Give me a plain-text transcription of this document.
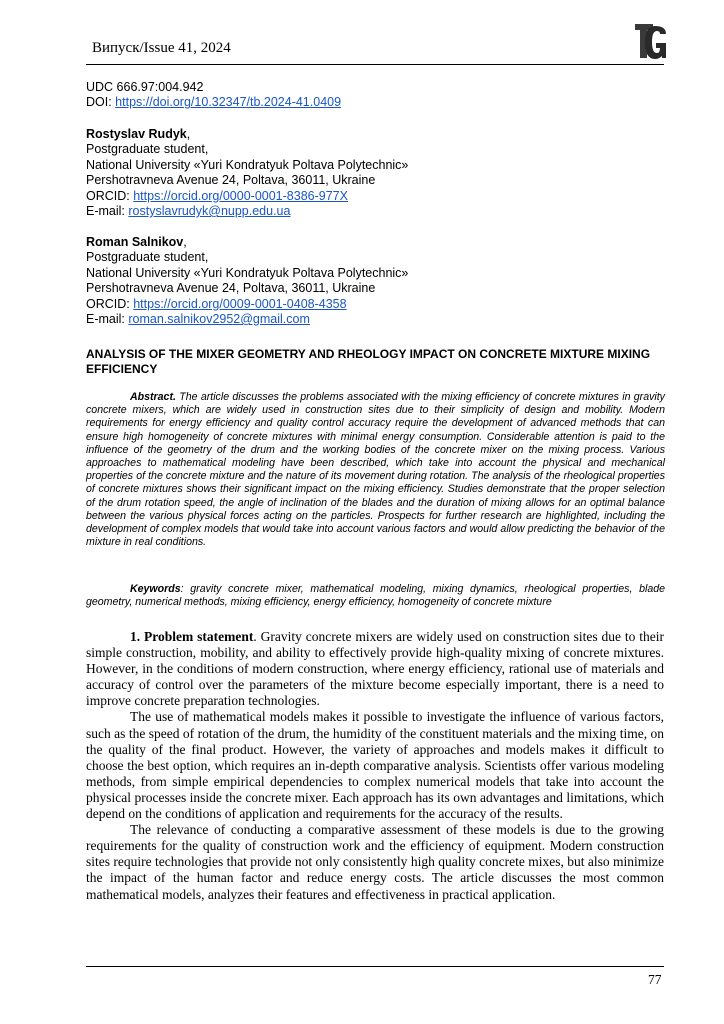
Випуск/Issue 41, 2024
UDC 666.97:004.942
DOI: https://doi.org/10.32347/tb.2024-41.0409
Rostyslav Rudyk,
Postgraduate student,
National University «Yuri Kondratyuk Poltava Polytechnic»
Pershotravneva Avenue 24, Poltava, 36011, Ukraine
ORCID: https://orcid.org/0000-0001-8386-977X
E-mail: rostyslavrudyk@nupp.edu.ua
Roman Salnikov,
Postgraduate student,
National University «Yuri Kondratyuk Poltava Polytechnic»
Pershotravneva Avenue 24, Poltava, 36011, Ukraine
ORCID: https://orcid.org/0009-0001-0408-4358
E-mail: roman.salnikov2952@gmail.com
ANALYSIS OF THE MIXER GEOMETRY AND RHEOLOGY IMPACT ON CONCRETE MIXTURE MIXING EFFICIENCY

Abstract. The article discusses the problems associated with the mixing efficiency of concrete mixtures in gravity concrete mixers, which are widely used in construction sites due to their simplicity of design and mobility. Modern requirements for energy efficiency and quality control accuracy require the development of advanced methods that can ensure high homogeneity of concrete mixtures with minimal energy consumption. Considerable attention is paid to the influence of the geometry of the drum and the working bodies of the concrete mixer on the mixing process. Various approaches to mathematical modeling have been described, which take into account the physical and mechanical properties of the concrete mixture and the nature of its movement during rotation. The analysis of the rheological properties of concrete mixtures shows their significant impact on the mixing efficiency. Studies demonstrate that the proper selection of the drum rotation speed, the angle of inclination of the blades and the duration of mixing allows for an optimal balance between the various physical forces acting on the particles. Prospects for further research are highlighted, including the development of complex models that would take into account various factors and would allow predicting the behavior of the mixture in real conditions.

Keywords: gravity concrete mixer, mathematical modeling, mixing dynamics, rheological properties, blade geometry, numerical methods, mixing efficiency, energy efficiency, homogeneity of concrete mixture

1. Problem statement. Gravity concrete mixers are widely used on construction sites due to their simple construction, mobility, and ability to effectively provide high-quality mixing of concrete mixtures. However, in the conditions of modern construction, where energy efficiency, rational use of materials and accuracy of control over the parameters of the mixture become especially important, there is a need to improve concrete preparation technologies.

The use of mathematical models makes it possible to investigate the influence of various factors, such as the speed of rotation of the drum, the humidity of the constituent materials and the mixing time, on the quality of the final product. However, the variety of approaches and models makes it difficult to choose the best option, which requires an in-depth comparative analysis. Scientists offer various modeling methods, from simple empirical dependencies to complex numerical models that take into account the physical processes inside the concrete mixer. Each approach has its own advantages and limitations, which depend on the conditions of application and requirements for the accuracy of the results.

The relevance of conducting a comparative assessment of these models is due to the growing requirements for the quality of construction work and the efficiency of equipment. Modern construction sites require technologies that provide not only consistently high quality concrete mixes, but also minimize the impact of the human factor and reduce energy costs. The article discusses the most common mathematical models, analyzes their features and effectiveness in practical application.

77
